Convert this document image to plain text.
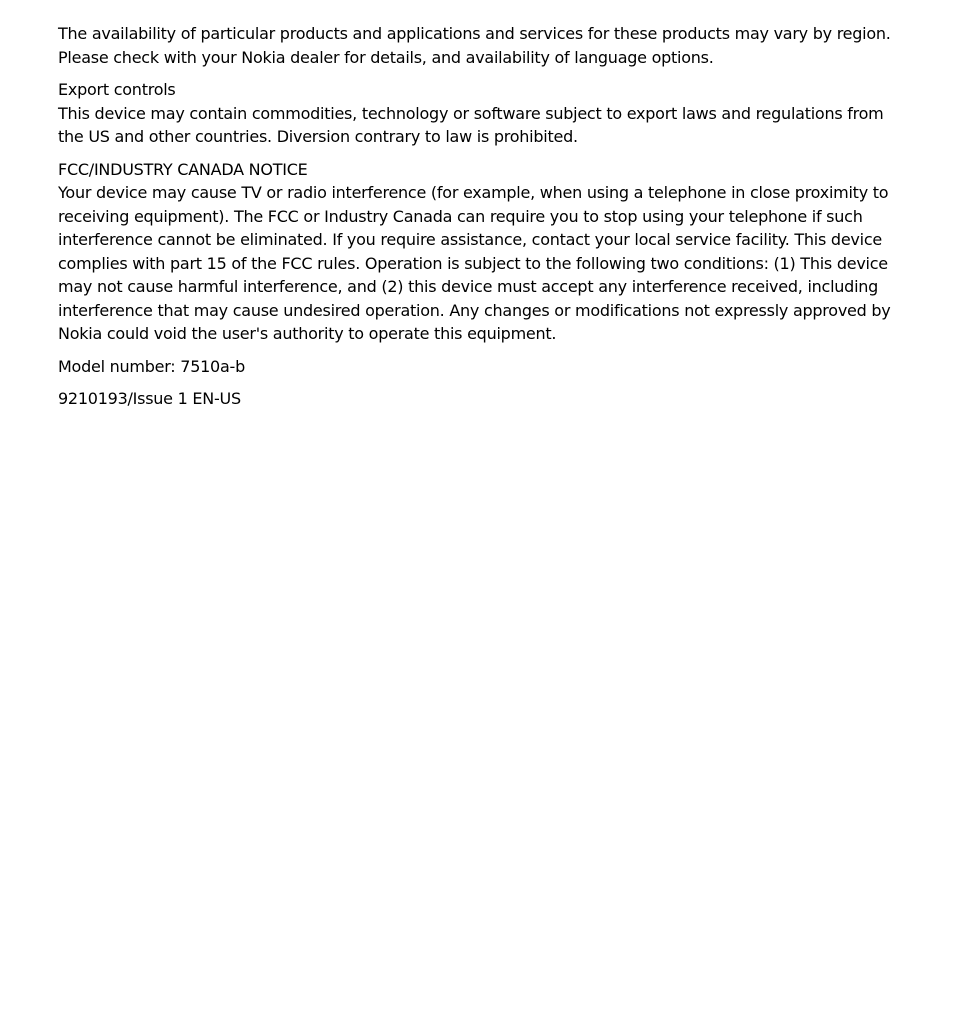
The availability of particular products and applications and services for these products may vary by region. Please check with your Nokia dealer for details, and availability of language options.

Export controls

This device may contain commodities, technology or software subject to export laws and regulations from the US and other countries. Diversion contrary to law is prohibited.

FCC/INDUSTRY CANADA NOTICE

Your device may cause TV or radio interference (for example, when using a telephone in close proximity to receiving equipment). The FCC or Industry Canada can require you to stop using your telephone if such interference cannot be eliminated. If you require assistance, contact your local service facility. This device complies with part 15 of the FCC rules. Operation is subject to the following two conditions: (1) This device may not cause harmful interference, and (2) this device must accept any interference received, including interference that may cause undesired operation. Any changes or modifications not expressly approved by Nokia could void the user's authority to operate this equipment.

Model number: 7510a-b

9210193/Issue 1 EN-US
